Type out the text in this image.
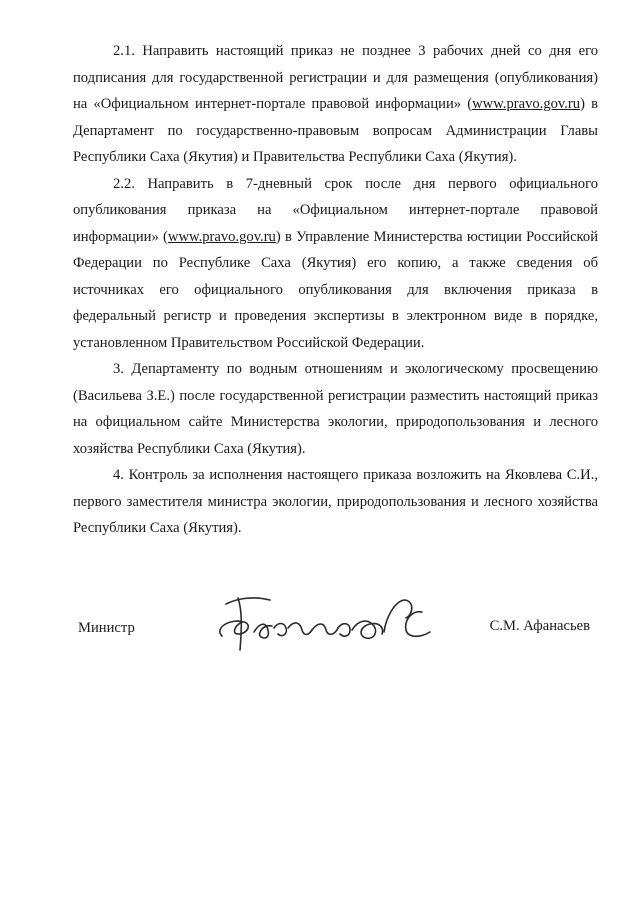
2.1. Направить настоящий приказ не позднее 3 рабочих дней со дня его подписания для государственной регистрации и для размещения (опубликования) на «Официальном интернет-портале правовой информации» (www.pravo.gov.ru) в Департамент по государственно-правовым вопросам Администрации Главы Республики Саха (Якутия) и Правительства Республики Саха (Якутия).

2.2. Направить в 7-дневный срок после дня первого официального опубликования приказа на «Официальном интернет-портале правовой информации» (www.pravo.gov.ru) в Управление Министерства юстиции Российской Федерации по Республике Саха (Якутия) его копию, а также сведения об источниках его официального опубликования для включения приказа в федеральный регистр и проведения экспертизы в электронном виде в порядке, установленном Правительством Российской Федерации.

3. Департаменту по водным отношениям и экологическому просвещению (Васильева З.Е.) после государственной регистрации разместить настоящий приказ на официальном сайте Министерства экологии, природопользования и лесного хозяйства Республики Саха (Якутия).

4. Контроль за исполнения настоящего приказа возложить на Яковлева С.И., первого заместителя министра экологии, природопользования и лесного хозяйства Республики Саха (Якутия).

Министр	С.М. Афанасьев
